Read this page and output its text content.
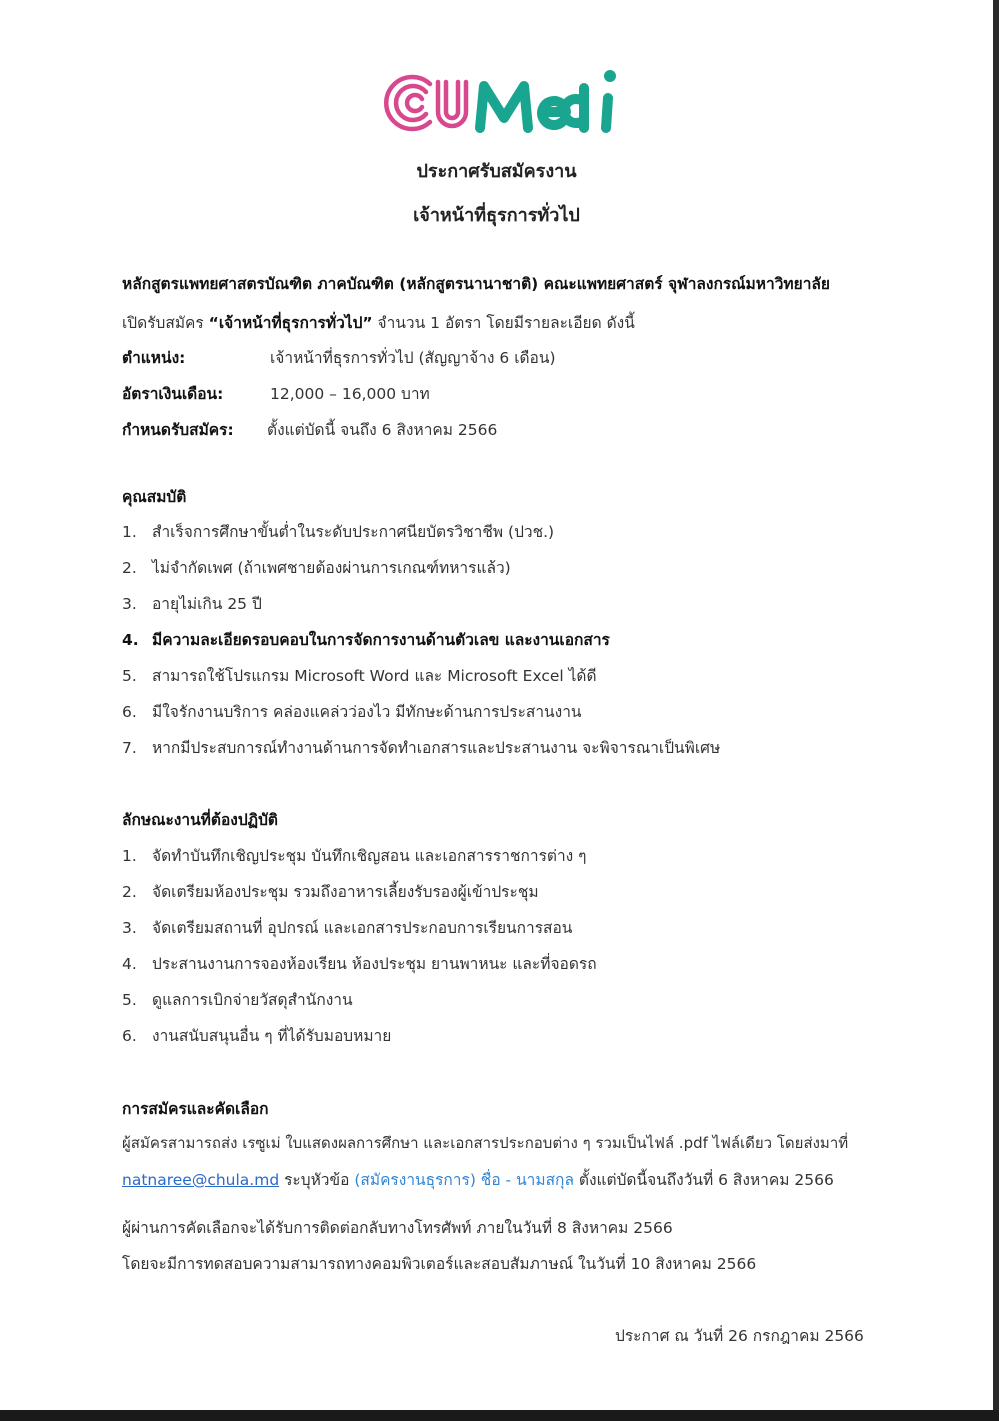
ประกาศรับสมัครงาน
เจ้าหน้าที่ธุรการทั่วไป
หลักสูตรแพทยศาสตรบัณฑิต ภาคบัณฑิต (หลักสูตรนานาชาติ) คณะแพทยศาสตร์ จุฬาลงกรณ์มหาวิทยาลัย
เปิดรับสมัคร “เจ้าหน้าที่ธุรการทั่วไป” จำนวน 1 อัตรา โดยมีรายละเอียด ดังนี้
ตำแหน่ง:	เจ้าหน้าที่ธุรการทั่วไป (สัญญาจ้าง 6 เดือน)
อัตราเงินเดือน:	12,000 – 16,000 บาท
กำหนดรับสมัคร: ตั้งแต่บัดนี้ จนถึง 6 สิงหาคม 2566
คุณสมบัติ
1. สำเร็จการศึกษาขั้นต่ำในระดับประกาศนียบัตรวิชาชีพ (ปวช.)
2. ไม่จำกัดเพศ (ถ้าเพศชายต้องผ่านการเกณฑ์ทหารแล้ว)
3. อายุไม่เกิน 25 ปี
4. มีความละเอียดรอบคอบในการจัดการงานด้านตัวเลข และงานเอกสาร
5. สามารถใช้โปรแกรม Microsoft Word และ Microsoft Excel ได้ดี
6. มีใจรักงานบริการ คล่องแคล่วว่องไว มีทักษะด้านการประสานงาน
7. หากมีประสบการณ์ทำงานด้านการจัดทำเอกสารและประสานงาน จะพิจารณาเป็นพิเศษ
ลักษณะงานที่ต้องปฏิบัติ
1. จัดทำบันทึกเชิญประชุม บันทึกเชิญสอน และเอกสารราชการต่าง ๆ
2. จัดเตรียมห้องประชุม รวมถึงอาหารเลี้ยงรับรองผู้เข้าประชุม
3. จัดเตรียมสถานที่ อุปกรณ์ และเอกสารประกอบการเรียนการสอน
4. ประสานงานการจองห้องเรียน ห้องประชุม ยานพาหนะ และที่จอดรถ
5. ดูแลการเบิกจ่ายวัสดุสำนักงาน
6. งานสนับสนุนอื่น ๆ ที่ได้รับมอบหมาย
การสมัครและคัดเลือก
ผู้สมัครสามารถส่ง เรซูเม่ ใบแสดงผลการศึกษา และเอกสารประกอบต่าง ๆ รวมเป็นไฟล์ .pdf ไฟล์เดียว โดยส่งมาที่
natnaree@chula.md ระบุหัวข้อ (สมัครงานธุรการ) ชื่อ - นามสกุล ตั้งแต่บัดนี้จนถึงวันที่ 6 สิงหาคม 2566
ผู้ผ่านการคัดเลือกจะได้รับการติดต่อกลับทางโทรศัพท์ ภายในวันที่ 8 สิงหาคม 2566
โดยจะมีการทดสอบความสามารถทางคอมพิวเตอร์และสอบสัมภาษณ์ ในวันที่ 10 สิงหาคม 2566
ประกาศ ณ วันที่ 26 กรกฎาคม 2566
